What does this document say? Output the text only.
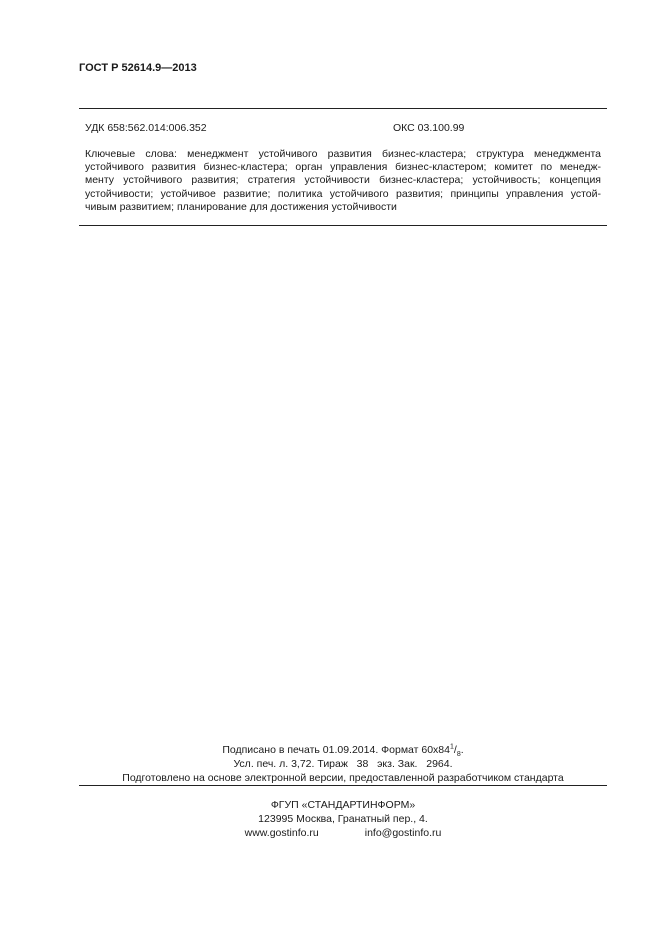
ГОСТ Р 52614.9—2013
УДК 658:562.014:006.352	ОКС 03.100.99
Ключевые слова: менеджмент устойчивого развития бизнес-кластера; структура менеджмента
устойчивого развития бизнес-кластера; орган управления бизнес-кластером; комитет по менедж-
менту устойчивого развития; стратегия устойчивости бизнес-кластера; устойчивость; концепция
устойчивости; устойчивое развитие; политика устойчивого развития; принципы управления устой-
чивым развитием; планирование для достижения устойчивости
Подписано в печать 01.09.2014. Формат $60х84^1/_8$.
Усл. печ. л. 3,72. Тираж   38   экз. Зак.   2964.
Подготовлено на основе электронной версии, предоставленной разработчиком стандарта
ФГУП «СТАНДАРТИНФОРМ»
123995 Москва, Гранатный пер., 4.
www.gostinfo.ru	info@gostinfo.ru
